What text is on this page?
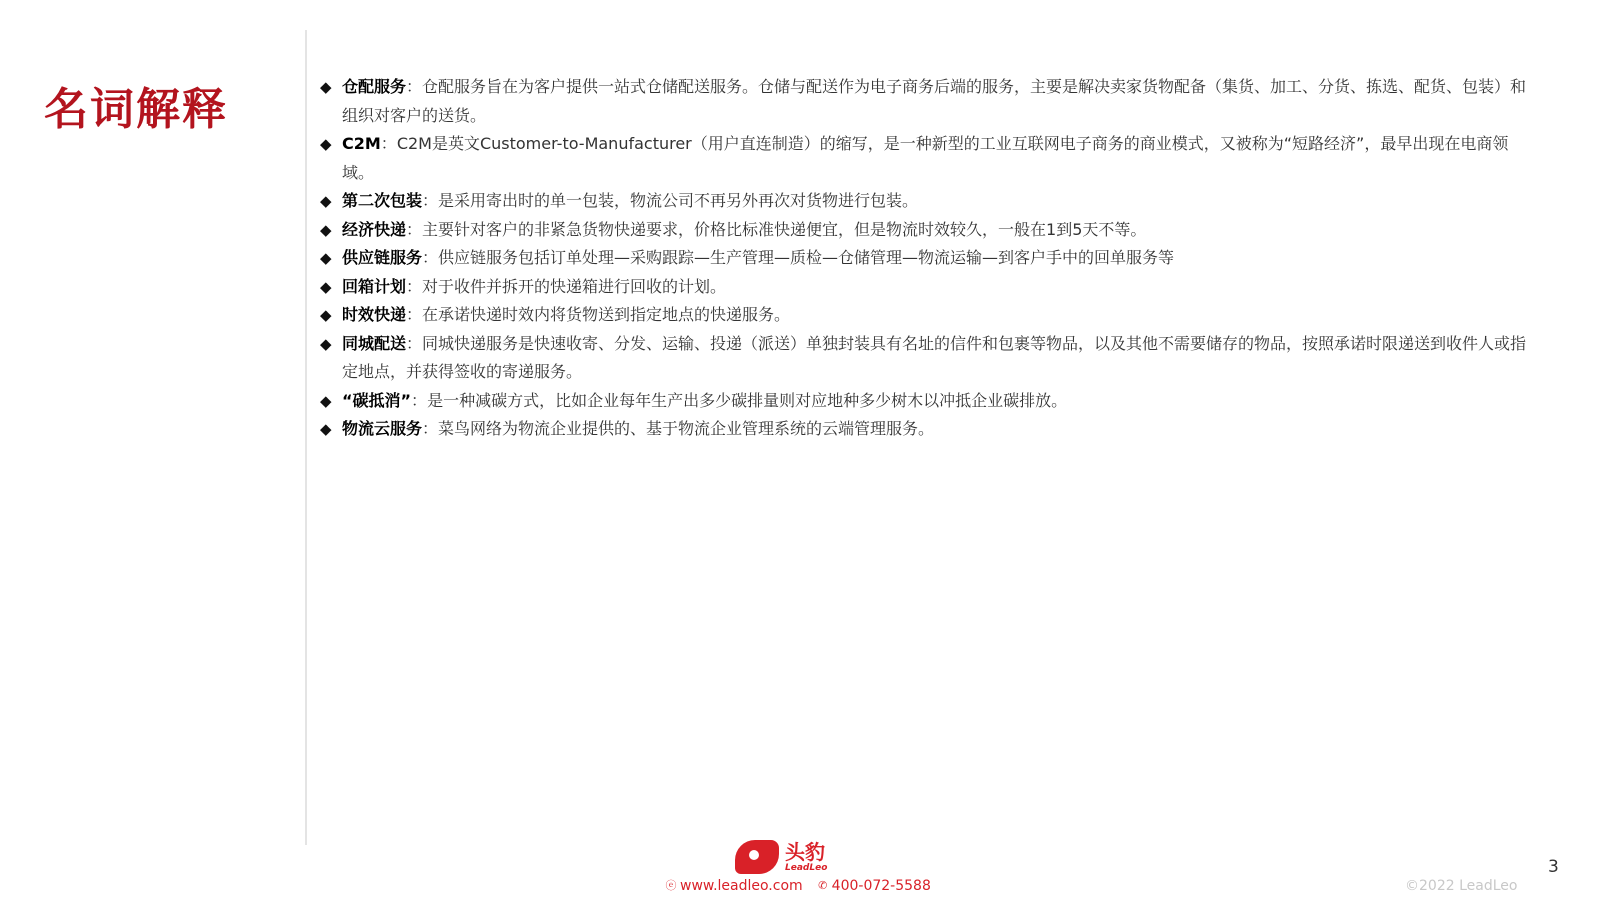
名词解释	◆ 仓配服务：仓配服务旨在为客户提供一站式仓储配送服务。仓储与配送作为电子商务后端的服务，主要是解决卖家货物配备（集货、加工、分货、拣选、配货、包装）和组织对客户的送货。
◆ C2M：C2M是英文Customer-to-Manufacturer（用户直连制造）的缩写，是一种新型的工业互联网电子商务的商业模式，又被称为“短路经济”，最早出现在电商领域。
◆ 第二次包装：是采用寄出时的单一包装，物流公司不再另外再次对货物进行包装。
◆ 经济快递：主要针对客户的非紧急货物快递要求，价格比标准快递便宜，但是物流时效较久，一般在1到5天不等。
◆ 供应链服务：供应链服务包括订单处理—采购跟踪—生产管理—质检—仓储管理—物流运输—到客户手中的回单服务等
◆ 回箱计划：对于收件并拆开的快递箱进行回收的计划。
◆ 时效快递：在承诺快递时效内将货物送到指定地点的快递服务。
◆ 同城配送：同城快递服务是快速收寄、分发、运输、投递（派送）单独封装具有名址的信件和包裹等物品，以及其他不需要储存的物品，按照承诺时限递送到收件人或指定地点，并获得签收的寄递服务。
◆ “碳抵消”：是一种减碳方式，比如企业每年生产出多少碳排量则对应地种多少树木以冲抵企业碳排放。
◆ 物流云服务：菜鸟网络为物流企业提供的、基于物流企业管理系统的云端管理服务。
头豹
LeadLeo
ⓔ www.leadleo.com ✆ 400-072-5588	©2022 LeadLeo
3
